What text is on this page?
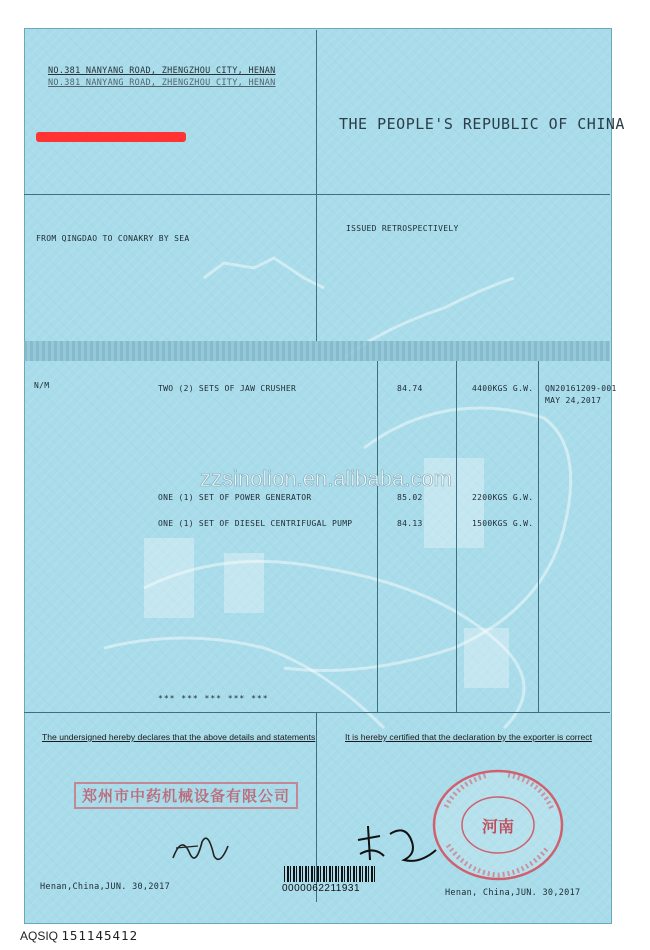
NO.381 NANYANG ROAD, ZHENGZHOU CITY, HENAN
NO.381 NANYANG ROAD, ZHENGZHOU CITY, HENAN
THE PEOPLE'S REPUBLIC OF CHINA
FROM QINGDAO TO CONAKRY BY SEA
ISSUED RETROSPECTIVELY
N/M	TWO (2) SETS OF JAW CRUSHER	84.74	4400KGS G.W. QN20161209-001
MAY 24,2017
ONE (1) SET OF POWER GENERATOR	85.02	2200KGS G.W.
ONE (1) SET OF DIESEL CENTRIFUGAL PUMP	84.13	1500KGS G.W.
*** *** *** *** ***
zzsinolion.en.alibaba.com
The undersigned hereby declares that the above details and statements	It is hereby certified that the declaration by the exporter is correct
郑州市中药机械设备有限公司
Henan,China,JUN. 30,2017
河南
Henan, China,JUN. 30,2017
0000062211931
AQSIQ 151145412
